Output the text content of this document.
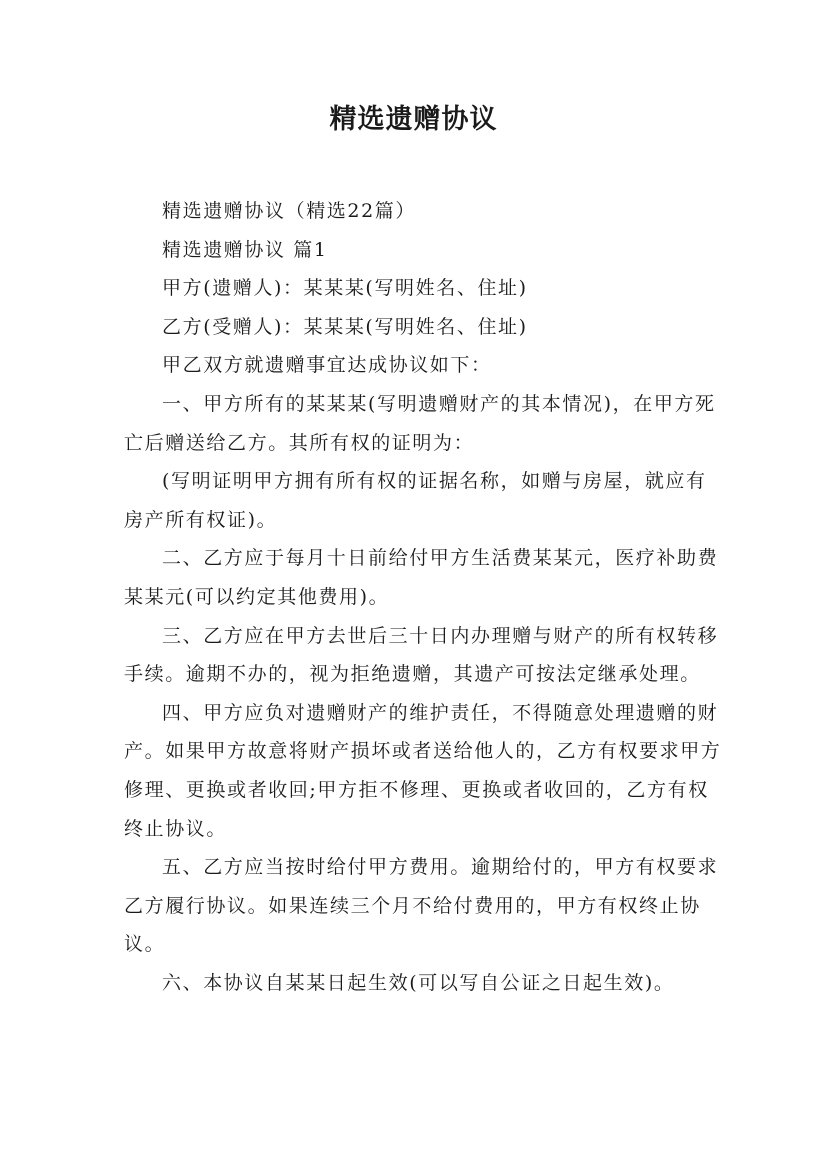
精选遗赠协议

精选遗赠协议（精选22篇）

精选遗赠协议 篇1

甲方(遗赠人)：某某某(写明姓名、住址)

乙方(受赠人)：某某某(写明姓名、住址)

甲乙双方就遗赠事宜达成协议如下：

一、甲方所有的某某某(写明遗赠财产的其本情况)，在甲方死亡后赠送给乙方。其所有权的证明为：

(写明证明甲方拥有所有权的证据名称，如赠与房屋，就应有房产所有权证)。

二、乙方应于每月十日前给付甲方生活费某某元，医疗补助费某某元(可以约定其他费用)。

三、乙方应在甲方去世后三十日内办理赠与财产的所有权转移手续。逾期不办的，视为拒绝遗赠，其遗产可按法定继承处理。

四、甲方应负对遗赠财产的维护责任，不得随意处理遗赠的财产。如果甲方故意将财产损坏或者送给他人的，乙方有权要求甲方修理、更换或者收回;甲方拒不修理、更换或者收回的，乙方有权终止协议。

五、乙方应当按时给付甲方费用。逾期给付的，甲方有权要求乙方履行协议。如果连续三个月不给付费用的，甲方有权终止协议。

六、本协议自某某日起生效(可以写自公证之日起生效)。
